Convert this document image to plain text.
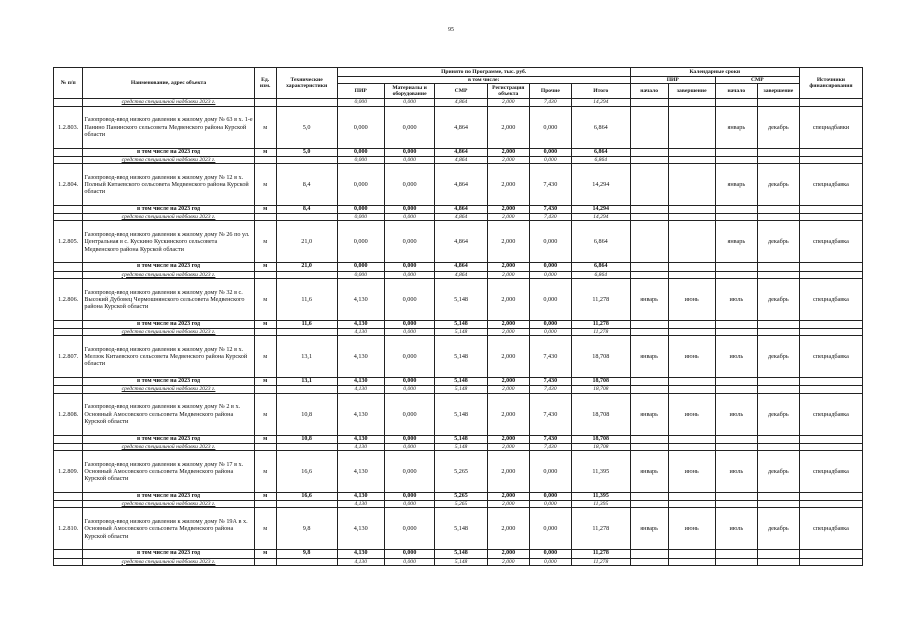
95
№ п/п	Наименование, адрес объекта	Ед. изм.	Технические характеристики	Принято по Программе, тыс. руб.						Календарные сроки				Источники финансирования
				в том числе:						ПИР		СМР		
				ПИР	Материалы и оборудование	СМР	Регистрация объекта	Прочие	Итого	начало	завершение	начало	завершение	
	средства специальной надбавки 2023 г.			0,000	0,000	4,864	2,000	7,430	14,294					
1.2.803.	Газопровод-ввод низкого давления к жилому дому № 63 в х. 1-е Панино Панинского сельсовета Медвенского района Курской области	м	5,0	0,000	0,000	4,864	2,000	0,000	6,864			январь	декабрь	спецнадбавки
	в том числе на 2023 год	м	5,0	0,000	0,000	4,864	2,000	0,000	6,864					
	средства специальной надбавки 2023 г.			0,000	0,000	4,864	2,000	0,000	6,864					
1.2.804.	Газопровод-ввод низкого давления к жилому дому № 12 в х. Полный Китаевского сельсовета Медвенского района Курской области	м	8,4	0,000	0,000	4,864	2,000	7,430	14,294			январь	декабрь	спецнадбавка
	в том числе на 2023 год	м	8,4	0,000	0,000	4,864	2,000	7,430	14,294					
	средства специальной надбавки 2023 г.			0,000	0,000	4,864	2,000	7,430	14,294					
1.2.805.	Газопровод-ввод низкого давления к жилому дому № 26 по ул. Центральная в с. Кускино Кускинского сельсовета Медвенского района Курской области	м	21,0	0,000	0,000	4,864	2,000	0,000	6,864			январь	декабрь	спецнадбавка
	в том числе на 2023 год	м	21,0	0,000	0,000	4,864	2,000	0,000	6,864					
	средства специальной надбавки 2023 г.			0,000	0,000	4,864	2,000	0,000	6,864					
1.2.806.	Газопровод-ввод низкого давления к жилому дому № 32 в с. Высокий Дубовец Чермошнянского сельсовета Медвенского района Курской области	м	11,6	4,130	0,000	5,148	2,000	0,000	11,278	январь	июнь	июль	декабрь	спецнадбавка
	в том числе на 2023 год	м	11,6	4,130	0,000	5,148	2,000	0,000	11,278					
	средства специальной надбавки 2023 г.			4,130	0,000	5,148	2,000	0,000	11,278					
1.2.807.	Газопровод-ввод низкого давления к жилому дому № 12 в х. Мелзок Китаевского сельсовета Медвенского района Курской области	м	13,1	4,130	0,000	5,148	2,000	7,430	18,708	январь	июнь	июль	декабрь	спецнадбавка
	в том числе на 2023 год	м	13,1	4,130	0,000	5,148	2,000	7,430	18,708					
	средства специальной надбавки 2023 г.			4,130	0,000	5,148	2,000	7,430	18,708					
1.2.808.	Газопровод-ввод низкого давления к жилому дому № 2 в х. Основный Амосовского сельсовета Медвенского района Курской области	м	10,8	4,130	0,000	5,148	2,000	7,430	18,708	январь	июнь	июль	декабрь	спецнадбавка
	в том числе на 2023 год	м	10,8	4,130	0,000	5,148	2,000	7,430	18,708					
	средства специальной надбавки 2023 г.			4,130	0,000	5,148	2,000	7,430	18,708					
1.2.809.	Газопровод-ввод низкого давления к жилому дому № 17 в х. Основный Амосовского сельсовета Медвенского района Курской области	м	16,6	4,130	0,000	5,265	2,000	0,000	11,395	январь	июнь	июль	декабрь	спецнадбавка
	в том числе на 2023 год	м	16,6	4,130	0,000	5,265	2,000	0,000	11,395					
	средства специальной надбавки 2023 г.			4,130	0,000	5,265	2,000	0,000	11,395					
1.2.810.	Газопровод-ввод низкого давления к жилому дому № 19А в х. Основный Амосовского сельсовета Медвенского района Курской области	м	9,8	4,130	0,000	5,148	2,000	0,000	11,278	январь	июнь	июль	декабрь	спецнадбавка
	в том числе на 2023 год	м	9,8	4,130	0,000	5,148	2,000	0,000	11,278					
	средства специальной надбавки 2023 г.			4,130	0,000	5,148	2,000	0,000	11,278					
